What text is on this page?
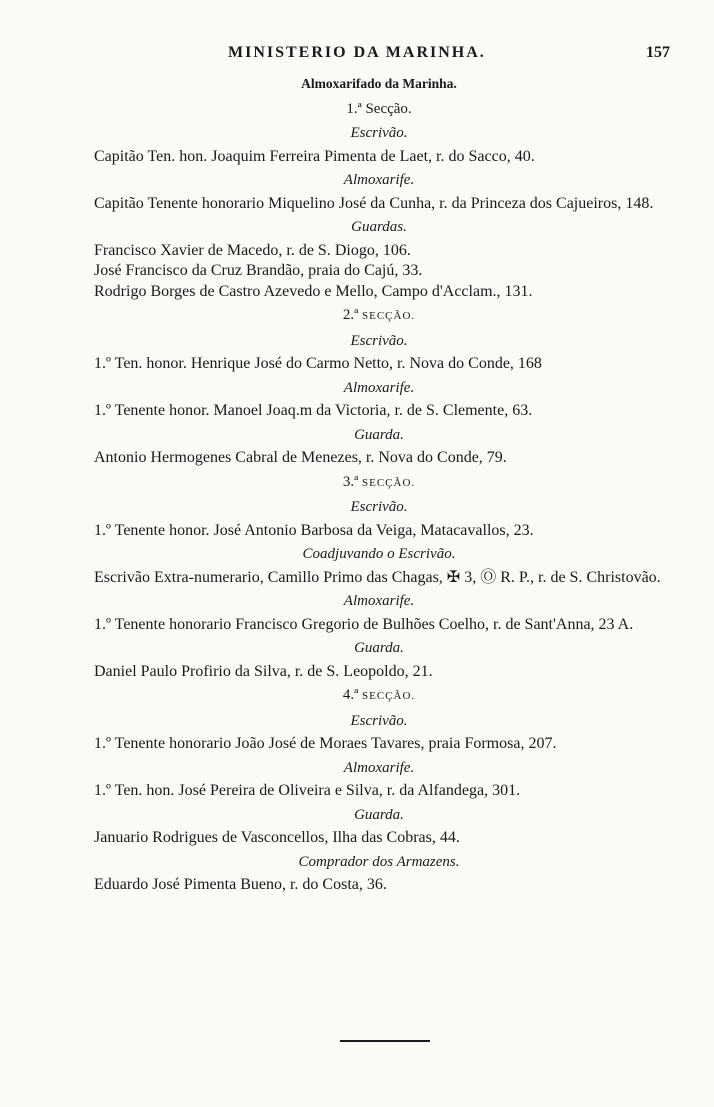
MINISTERIO DA MARINHA.	157
Almoxarifado da Marinha.
1.ª Secção.
Escrivão.
Capitão Ten. hon. Joaquim Ferreira Pimenta de Laet, r. do Sacco, 40.
Almoxarife.
Capitão Tenente honorario Miquelino José da Cunha, r. da Princeza dos Cajueiros, 148.
Guardas.
Francisco Xavier de Macedo, r. de S. Diogo, 106.
José Francisco da Cruz Brandão, praia do Cajú, 33.
Rodrigo Borges de Castro Azevedo e Mello, Campo d'Acclam., 131.
2.ª SECÇÃO.
Escrivão.
1.º Ten. honor. Henrique José do Carmo Netto, r. Nova do Conde, 168
Almoxarife.
1.º Tenente honor. Manoel Joaq.m da Victoria, r. de S. Clemente, 63.
Guarda.
Antonio Hermogenes Cabral de Menezes, r. Nova do Conde, 79.
3.ª SECÇÃO.
Escrivão.
1.º Tenente honor. José Antonio Barbosa da Veiga, Matacavallos, 23.
Coadjuvando o Escrivão.
Escrivão Extra-numerario, Camillo Primo das Chagas, ✠ 3, Ⓞ R. P., r. de S. Christovão.
Almoxarife.
1.º Tenente honorario Francisco Gregorio de Bulhões Coelho, r. de Sant'Anna, 23 A.
Guarda.
Daniel Paulo Profirio da Silva, r. de S. Leopoldo, 21.
4.ª SECÇÃO.
Escrivão.
1.º Tenente honorario João José de Moraes Tavares, praia Formosa, 207.
Almoxarife.
1.º Ten. hon. José Pereira de Oliveira e Silva, r. da Alfandega, 301.
Guarda.
Januario Rodrigues de Vasconcellos, Ilha das Cobras, 44.
Comprador dos Armazens.
Eduardo José Pimenta Bueno, r. do Costa, 36.
